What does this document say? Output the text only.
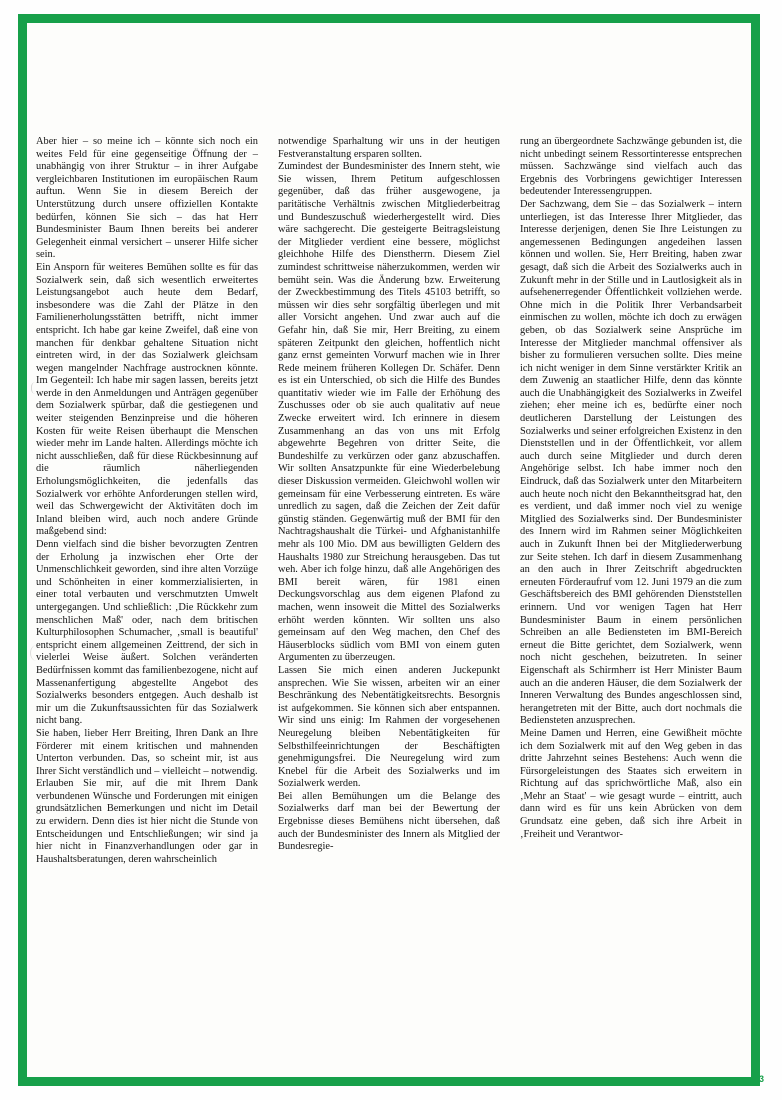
Aber hier – so meine ich – könnte sich noch ein weites Feld für eine gegenseitige Öffnung der – unabhängig von ihrer Struktur – in ihrer Aufgabe vergleichbaren Institutionen im europäischen Raum auftun. Wenn Sie in diesem Bereich der Unterstützung durch unsere offiziellen Kontakte bedürfen, können Sie sich – das hat Herr Bundesminister Baum Ihnen bereits bei anderer Gelegenheit einmal versichert – unserer Hilfe sicher sein.

Ein Ansporn für weiteres Bemühen sollte es für das Sozialwerk sein, daß sich wesentlich erweitertes Leistungsangebot auch heute dem Bedarf, insbesondere was die Zahl der Plätze in den Familienerholungsstätten betrifft, nicht immer entspricht. Ich habe gar keine Zweifel, daß eine von manchen für denkbar gehaltene Situation nicht eintreten wird, in der das Sozialwerk gleichsam wegen mangelnder Nachfrage austrocknen könnte. Im Gegenteil: Ich habe mir sagen lassen, bereits jetzt werde in den Anmeldungen und Anträgen gegenüber dem Sozialwerk spürbar, daß die gestiegenen und weiter steigenden Benzinpreise und die höheren Kosten für weite Reisen überhaupt die Menschen wieder mehr im Lande halten. Allerdings möchte ich nicht ausschließen, daß für diese Rückbesinnung auf die räumlich näherliegenden Erholungsmöglichkeiten, die jedenfalls das Sozialwerk vor erhöhte Anforderungen stellen wird, weil das Schwergewicht der Aktivitäten doch im Inland bleiben wird, auch noch andere Gründe maßgebend sind:

Denn vielfach sind die bisher bevorzugten Zentren der Erholung ja inzwischen eher Orte der Unmenschlichkeit geworden, sind ihre alten Vorzüge und Schönheiten in einer kommerzialisierten, in einer total verbauten und verschmutzten Umwelt untergegangen. Und schließlich: ‚Die Rückkehr zum menschlichen Maß' oder, nach dem britischen Kulturphilosophen Schumacher, ‚small is beautiful' entspricht einem allgemeinen Zeittrend, der sich in vielerlei Weise äußert. Solchen veränderten Bedürfnissen kommt das familienbezogene, nicht auf Massenanfertigung abgestellte Angebot des Sozialwerks besonders entgegen. Auch deshalb ist mir um die Zukunftsaussichten für das Sozialwerk nicht bang.

Sie haben, lieber Herr Breiting, Ihren Dank an Ihre Förderer mit einem kritischen und mahnenden Unterton verbunden. Das, so scheint mir, ist aus Ihrer Sicht verständlich und – vielleicht – notwendig.

Erlauben Sie mir, auf die mit Ihrem Dank verbundenen Wünsche und Forderungen mit einigen grundsätzlichen Bemerkungen und nicht im Detail zu erwidern. Denn dies ist hier nicht die Stunde von Entscheidungen und Entschließungen; wir sind ja hier nicht in Finanzverhandlungen oder gar in Haushaltsberatungen, deren wahrscheinlich

notwendige Sparhaltung wir uns in der heutigen Festveranstaltung ersparen sollten.

Zumindest der Bundesminister des Innern steht, wie Sie wissen, Ihrem Petitum aufgeschlossen gegenüber, daß das früher ausgewogene, ja paritätische Verhältnis zwischen Mitgliederbeitrag und Bundeszuschuß wiederhergestellt wird. Dies wäre sachgerecht. Die gesteigerte Beitragsleistung der Mitglieder verdient eine bessere, möglichst gleichhohe Hilfe des Dienstherrn. Diesem Ziel zumindest schrittweise näherzukommen, werden wir bemüht sein. Was die Änderung bzw. Erweiterung der Zweckbestimmung des Titels 45103 betrifft, so müssen wir dies sehr sorgfältig überlegen und mit aller Vorsicht angehen. Und zwar auch auf die Gefahr hin, daß Sie mir, Herr Breiting, zu einem späteren Zeitpunkt den gleichen, hoffentlich nicht ganz ernst gemeinten Vorwurf machen wie in Ihrer Rede meinem früheren Kollegen Dr. Schäfer. Denn es ist ein Unterschied, ob sich die Hilfe des Bundes quantitativ wieder wie im Falle der Erhöhung des Zuschusses oder ob sie auch qualitativ auf neue Zwecke erweitert wird. Ich erinnere in diesem Zusammenhang an das von uns mit Erfolg abgewehrte Begehren von dritter Seite, die Bundeshilfe zu verkürzen oder ganz abzuschaffen. Wir sollten Ansatzpunkte für eine Wiederbelebung dieser Diskussion vermeiden. Gleichwohl wollen wir gemeinsam für eine Verbesserung eintreten. Es wäre unredlich zu sagen, daß die Zeichen der Zeit dafür günstig ständen. Gegenwärtig muß der BMI für den Nachtragshaushalt die Türkei- und Afghanistanhilfe mehr als 100 Mio. DM aus bewilligten Geldern des Haushalts 1980 zur Streichung herausgeben. Das tut weh. Aber ich folge hinzu, daß alle Angehörigen des BMI bereit wären, für 1981 einen Deckungsvorschlag aus dem eigenen Plafond zu machen, wenn insoweit die Mittel des Sozialwerks erhöht werden könnten. Wir sollten uns also gemeinsam auf den Weg machen, den Chef des Häuserblocks südlich vom BMI von einem guten Argumenten zu überzeugen.

Lassen Sie mich einen anderen Juckepunkt ansprechen. Wie Sie wissen, arbeiten wir an einer Beschränkung des Nebentätigkeitsrechts. Besorgnis ist aufgekommen. Sie können sich aber entspannen. Wir sind uns einig: Im Rahmen der vorgesehenen Neuregelung bleiben Nebentätigkeiten für Selbsthilfeeinrichtungen der Beschäftigten genehmigungsfrei. Die Neuregelung wird zum Knebel für die Arbeit des Sozialwerks und im Sozialwerk werden.

Bei allen Bemühungen um die Belange des Sozialwerks darf man bei der Bewertung der Ergebnisse dieses Bemühens nicht übersehen, daß auch der Bundesminister des Innern als Mitglied der Bundesregie-

rung an übergeordnete Sachzwänge gebunden ist, die nicht unbedingt seinem Ressortinteresse entsprechen müssen. Sachzwänge sind vielfach auch das Ergebnis des Vorbringens gewichtiger Interessen bedeutender Interessengruppen.

Der Sachzwang, dem Sie – das Sozialwerk – intern unterliegen, ist das Interesse Ihrer Mitglieder, das Interesse derjenigen, denen Sie Ihre Leistungen zu angemessenen Bedingungen angedeihen lassen können und wollen. Sie, Herr Breiting, haben zwar gesagt, daß sich die Arbeit des Sozialwerks auch in Zukunft mehr in der Stille und in Lautlosigkeit als in aufsehenerregender Öffentlichkeit vollziehen werde. Ohne mich in die Politik Ihrer Verbandsarbeit einmischen zu wollen, möchte ich doch zu erwägen geben, ob das Sozialwerk seine Ansprüche im Interesse der Mitglieder manchmal offensiver als bisher zu formulieren versuchen sollte. Dies meine ich nicht weniger in dem Sinne verstärkter Kritik an dem Zuwenig an staatlicher Hilfe, denn das könnte auch die Unabhängigkeit des Sozialwerks in Zweifel ziehen; eher meine ich es, bedürfte einer noch deutlicheren Darstellung der Leistungen des Sozialwerks und seiner erfolgreichen Existenz in den Dienststellen und in der Öffentlichkeit, vor allem auch durch seine Mitglieder und durch deren Angehörige selbst. Ich habe immer noch den Eindruck, daß das Sozialwerk unter den Mitarbeitern auch heute noch nicht den Bekanntheitsgrad hat, den es verdient, und daß immer noch viel zu wenige Mitglied des Sozialwerks sind. Der Bundesminister des Innern wird im Rahmen seiner Möglichkeiten auch in Zukunft Ihnen bei der Mitgliederwerbung zur Seite stehen. Ich darf in diesem Zusammenhang an den auch in Ihrer Zeitschrift abgedruckten erneuten Förderaufruf vom 12. Juni 1979 an die zum Geschäftsbereich des BMI gehörenden Dienststellen erinnern. Und vor wenigen Tagen hat Herr Bundesminister Baum in einem persönlichen Schreiben an alle Bediensteten im BMI-Bereich erneut die Bitte gerichtet, dem Sozialwerk, wenn noch nicht geschehen, beizutreten. In seiner Eigenschaft als Schirmherr ist Herr Minister Baum auch an die anderen Häuser, die dem Sozialwerk der Inneren Verwaltung des Bundes angeschlossen sind, herangetreten mit der Bitte, auch dort nochmals die Bediensteten anzusprechen.

Meine Damen und Herren, eine Gewißheit möchte ich dem Sozialwerk mit auf den Weg geben in das dritte Jahrzehnt seines Bestehens: Auch wenn die Fürsorgeleistungen des Staates sich erweitern in Richtung auf das sprichwörtliche Maß, also ein ‚Mehr an Staat' – wie gesagt wurde – eintritt, auch dann wird es für uns kein Abrücken von dem Grundsatz eine geben, daß sich ihre Arbeit in ‚Freiheit und Verantwor-

3
